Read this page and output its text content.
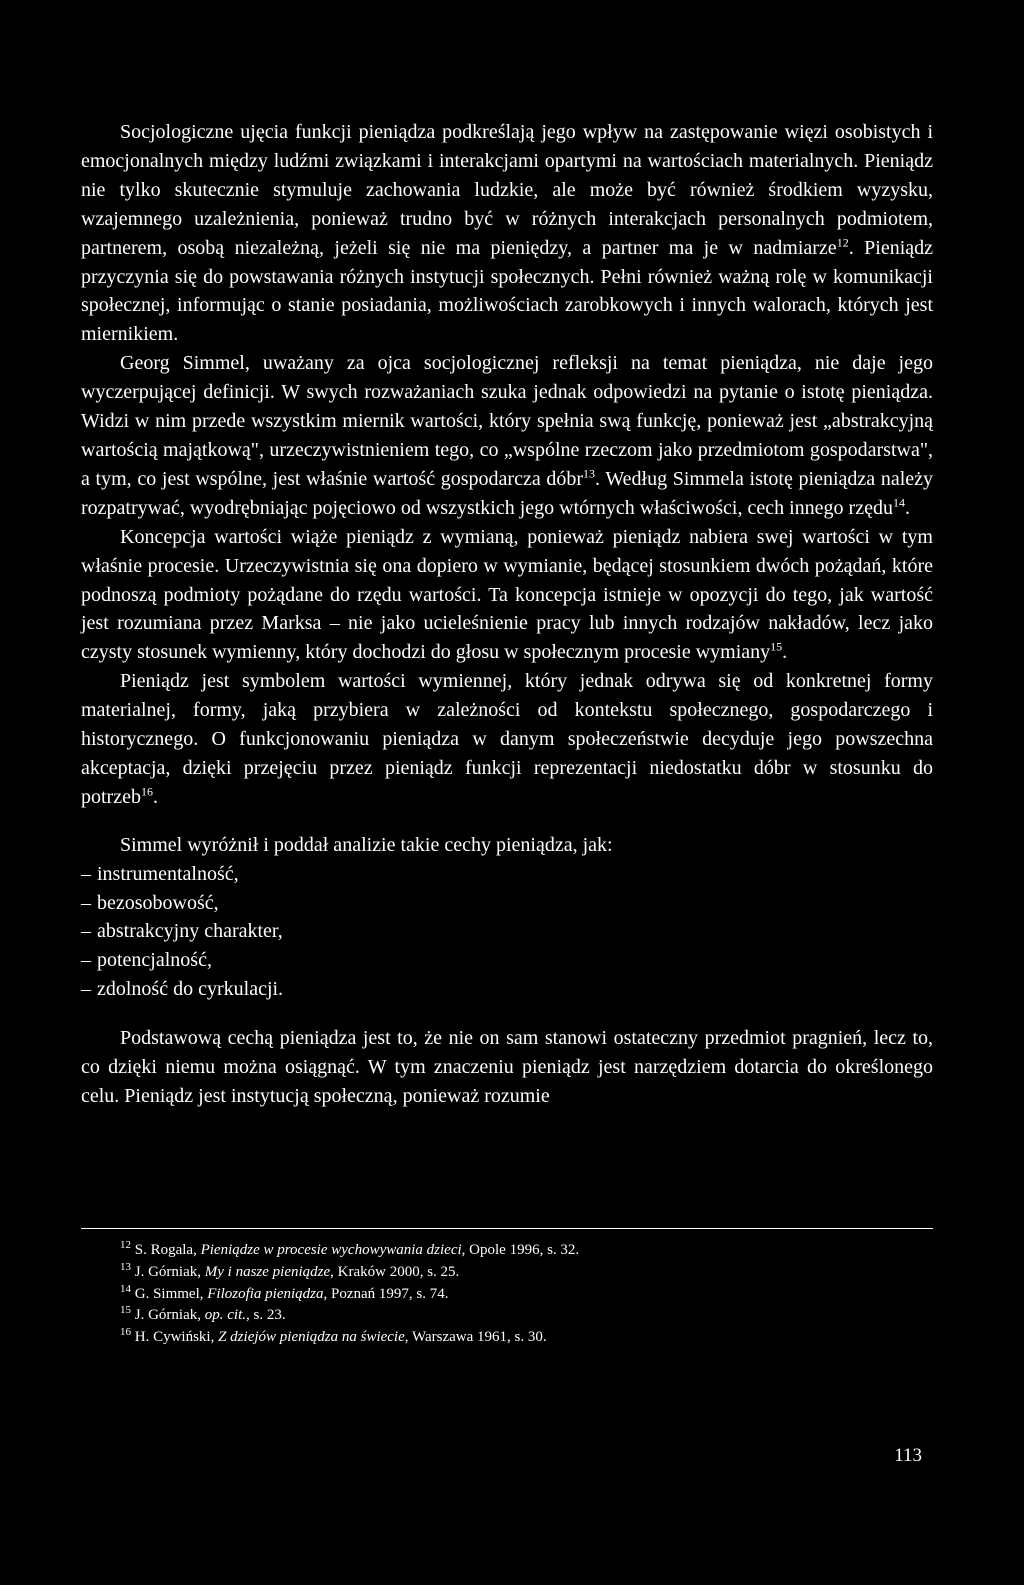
Socjologiczne ujęcia funkcji pieniądza podkreślają jego wpływ na zastępowanie więzi osobistych i emocjonalnych między ludźmi związkami i interakcjami opartymi na wartościach materialnych. Pieniądz nie tylko skutecznie stymuluje zachowania ludzkie, ale może być również środkiem wyzysku, wzajemnego uzależnienia, ponieważ trudno być w różnych interakcjach personalnych podmiotem, partnerem, osobą niezależną, jeżeli się nie ma pieniędzy, a partner ma je w nadmiarze$^{12}$. Pieniądz przyczynia się do powstawania różnych instytucji społecznych. Pełni również ważną rolę w komunikacji społecznej, informując o stanie posiadania, możliwościach zarobkowych i innych walorach, których jest miernikiem.

Georg Simmel, uważany za ojca socjologicznej refleksji na temat pieniądza, nie daje jego wyczerpującej definicji. W swych rozważaniach szuka jednak odpowiedzi na pytanie o istotę pieniądza. Widzi w nim przede wszystkim miernik wartości, który spełnia swą funkcję, ponieważ jest „abstrakcyjną wartością majątkową", urzeczywistnieniem tego, co „wspólne rzeczom jako przedmiotom gospodarstwa", a tym, co jest wspólne, jest właśnie wartość gospodarcza dóbr$^{13}$. Według Simmela istotę pieniądza należy rozpatrywać, wyodrębniając pojęciowo od wszystkich jego wtórnych właściwości, cech innego rzędu$^{14}$.

Koncepcja wartości wiąże pieniądz z wymianą, ponieważ pieniądz nabiera swej wartości w tym właśnie procesie. Urzeczywistnia się ona dopiero w wymianie, będącej stosunkiem dwóch pożądań, które podnoszą podmioty pożądane do rzędu wartości. Ta koncepcja istnieje w opozycji do tego, jak wartość jest rozumiana przez Marksa – nie jako ucieleśnienie pracy lub innych rodzajów nakładów, lecz jako czysty stosunek wymienny, który dochodzi do głosu w społecznym procesie wymiany$^{15}$.

Pieniądz jest symbolem wartości wymiennej, który jednak odrywa się od konkretnej formy materialnej, formy, jaką przybiera w zależności od kontekstu społecznego, gospodarczego i historycznego. O funkcjonowaniu pieniądza w danym społeczeństwie decyduje jego powszechna akceptacja, dzięki przejęciu przez pieniądz funkcji reprezentacji niedostatku dóbr w stosunku do potrzeb$^{16}$.

Simmel wyróżnił i poddał analizie takie cechy pieniądza, jak:

– instrumentalność,
– bezosobowość,
– abstrakcyjny charakter,
– potencjalność,
– zdolność do cyrkulacji.

Podstawową cechą pieniądza jest to, że nie on sam stanowi ostateczny przedmiot pragnień, lecz to, co dzięki niemu można osiągnąć. W tym znaczeniu pieniądz jest narzędziem dotarcia do określonego celu. Pieniądz jest instytucją społeczną, ponieważ rozumie

$^{12}$ S. Rogala, Pieniądze w procesie wychowywania dzieci, Opole 1996, s. 32.
$^{13}$ J. Górniak, My i nasze pieniądze, Kraków 2000, s. 25.
$^{14}$ G. Simmel, Filozofia pieniądza, Poznań 1997, s. 74.
$^{15}$ J. Górniak, op. cit., s. 23.
$^{16}$ H. Cywiński, Z dziejów pieniądza na świecie, Warszawa 1961, s. 30.
113
